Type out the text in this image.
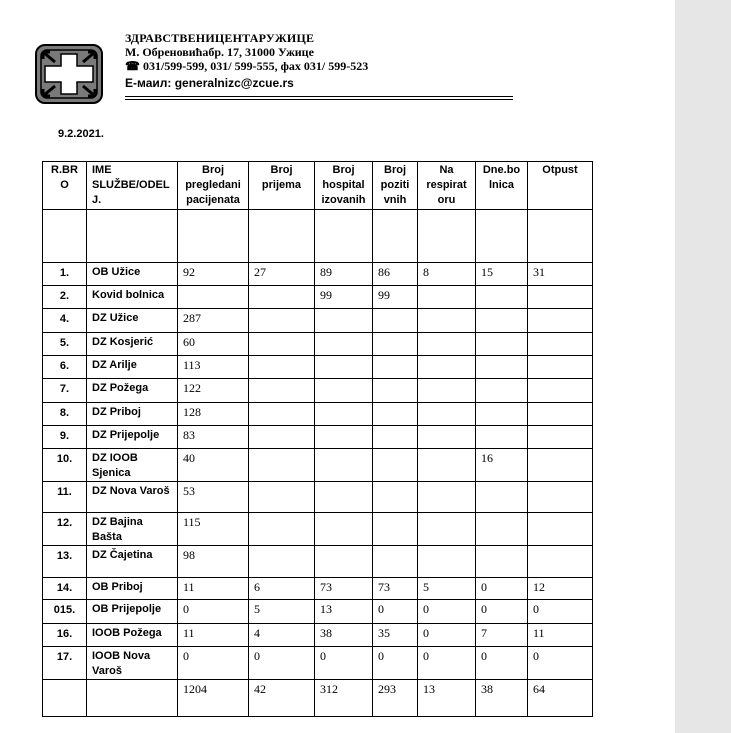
ЗДРАВСТВЕНИЦЕНТАРУЖИЦЕ
М. Обреновићабр. 17, 31000 Ужице
☎ 031/599-599, 031/ 599-555, фах 031/ 599-523
Е-маил: generalnizc@zcue.rs
9.2.2021.
R.BR O	IME SLUŽBE/ODEL J.	Broj pregledani pacijenata	Broj prijema	Broj hospital izovanih	Broj poziti vnih	Na respirat oru	Dne.bo lnica	Otpust

1.	OB Užice	92	27	89	86	8	15	31
2.	Kovid bolnica			99	99			
4.	DZ Užice	287						
5.	DZ Kosjerić	60						
6.	DZ Arilje	113						
7.	DZ Požega	122						
8.	DZ Priboj	128						
9.	DZ Prijepolje	83						
10.	DZ IOOB Sjenica	40					16	
11.	DZ Nova Varoš	53						
12.	DZ Bajina Bašta	115						
13.	DZ Čajetina	98						
14.	OB Priboj	11	6	73	73	5	0	12
015.	OB Prijepolje	0	5	13	0	0	0	0
16.	IOOB Požega	11	4	38	35	0	7	11
17.	IOOB Nova Varoš	0	0	0	0	0	0	0
		1204	42	312	293	13	38	64
